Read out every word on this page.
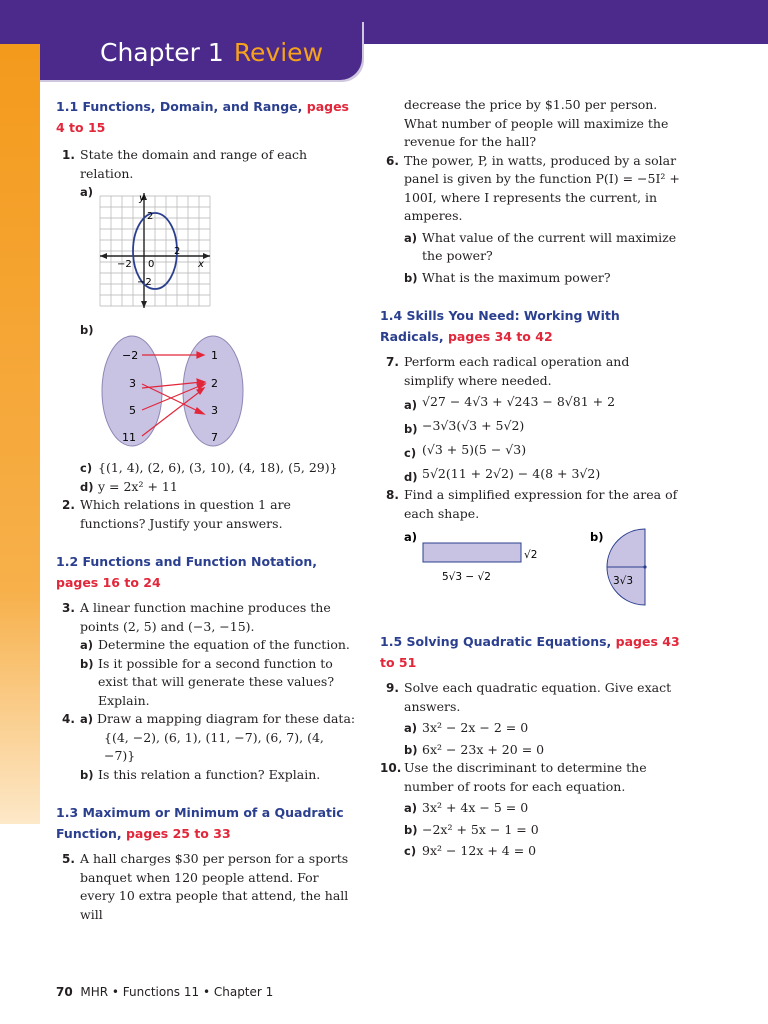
Chapter 1 Review

1.1 Functions, Domain, and Range, pages 4 to 15

1. State the domain and range of each relation.

a)	y
x
2
−2
0
2
−2
b)
−2
3
5
11
1
2
3
7

c) {(1, 4), (2, 6), (3, 10), (4, 18), (5, 29)}

d) y = 2x² + 11

2. Which relations in question 1 are functions? Justify your answers.

1.2 Functions and Function Notation, pages 16 to 24

3. A linear function machine produces the points (2, 5) and (−3, −15).

a) Determine the equation of the function.

b) Is it possible for a second function to exist that will generate these values? Explain.

4. a) Draw a mapping diagram for these data:

{(4, −2), (6, 1), (11, −7), (6, 7), (4, −7)}

b) Is this relation a function? Explain.

1.3 Maximum or Minimum of a Quadratic Function, pages 25 to 33

5. A hall charges $30 per person for a sports banquet when 120 people attend. For every 10 extra people that attend, the hall will

decrease the price by $1.50 per person. What number of people will maximize the revenue for the hall?

6. The power, P, in watts, produced by a solar panel is given by the function P(I) = −5I² + 100I, where I represents the current, in amperes.

a) What value of the current will maximize the power?

b) What is the maximum power?

1.4 Skills You Need: Working With Radicals, pages 34 to 42

7. Perform each radical operation and simplify where needed.

a) √27 − 4√3 + √243 − 8√81 + 2

b) −3√3(√3 + 5√2)

c) (√3 + 5)(5 − √3)

d) 5√2(11 + 2√2) − 4(8 + 3√2)

8. Find a simplified expression for the area of each shape.

a)
√2
5√3 − √2
b)
3√3

1.5 Solving Quadratic Equations, pages 43 to 51

9. Solve each quadratic equation. Give exact answers.

a) 3x² − 2x − 2 = 0

b) 6x² − 23x + 20 = 0

10. Use the discriminant to determine the number of roots for each equation.

a) 3x² + 4x − 5 = 0

b) −2x² + 5x − 1 = 0

c) 9x² − 12x + 4 = 0

70 MHR • Functions 11 • Chapter 1
